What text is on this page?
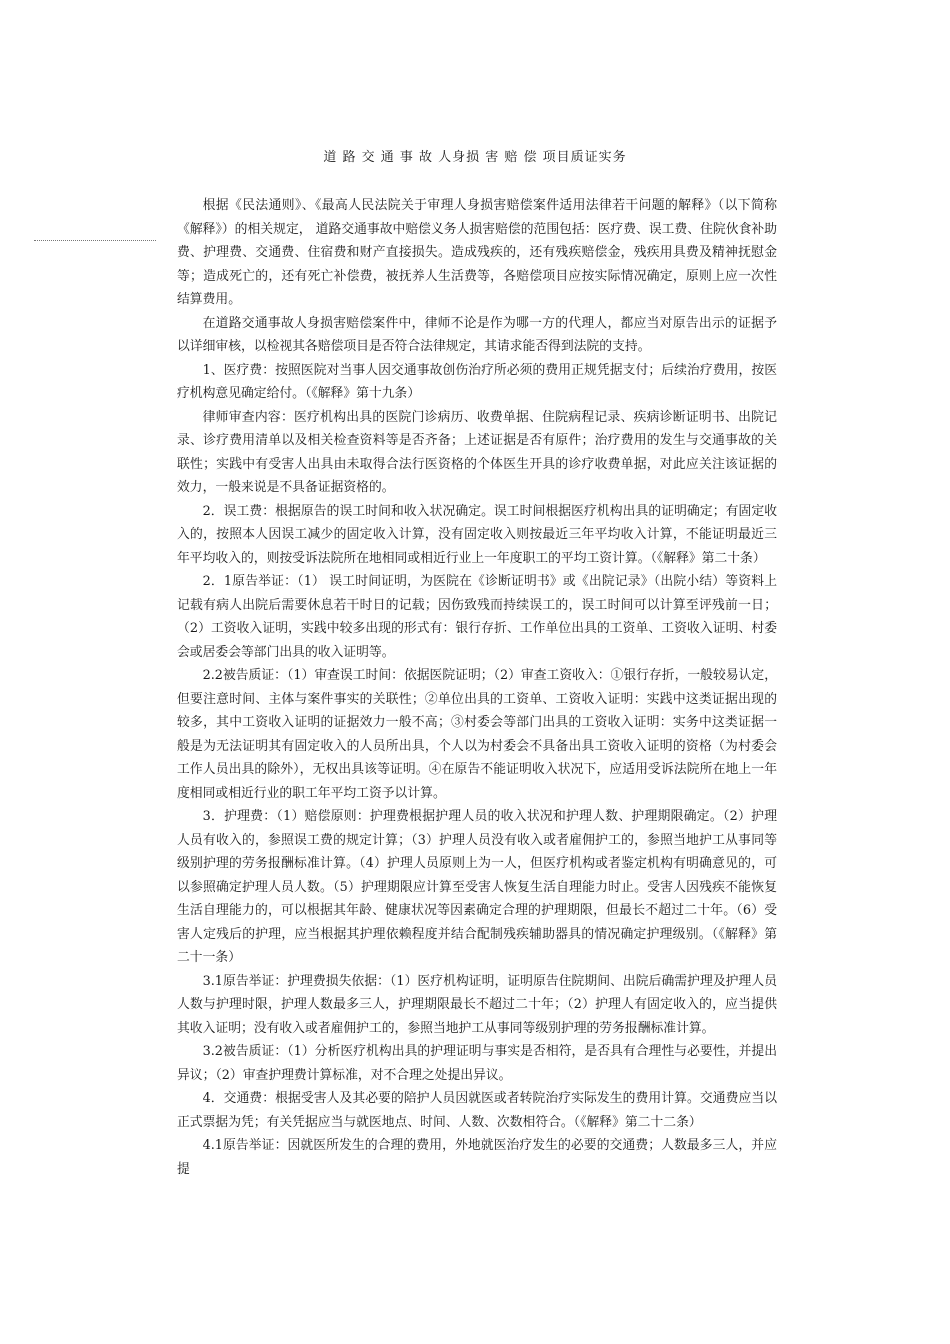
道 路 交 通 事 故 人身损 害 赔 偿 项目质证实务

根据《民法通则》、《最高人民法院关于审理人身损害赔偿案件适用法律若干问题的解释》（以下简称《解释》）的相关规定， 道路交通事故中赔偿义务人损害赔偿的范围包括：医疗费、误工费、住院伙食补助费、护理费、交通费、住宿费和财产直接损失。造成残疾的，还有残疾赔偿金，残疾用具费及精神抚慰金等；造成死亡的，还有死亡补偿费，被抚养人生活费等，各赔偿项目应按实际情况确定，原则上应一次性结算费用。

在道路交通事故人身损害赔偿案件中，律师不论是作为哪一方的代理人，都应当对原告出示的证据予以详细审核，以检视其各赔偿项目是否符合法律规定，其请求能否得到法院的支持。

1、医疗费：按照医院对当事人因交通事故创伤治疗所必须的费用正规凭据支付；后续治疗费用，按医疗机构意见确定给付。（《解释》第十九条）

律师审查内容：医疗机构出具的医院门诊病历、收费单据、住院病程记录、疾病诊断证明书、出院记录、诊疗费用清单以及相关检查资料等是否齐备；上述证据是否有原件；治疗费用的发生与交通事故的关联性；实践中有受害人出具由未取得合法行医资格的个体医生开具的诊疗收费单据，对此应关注该证据的效力，一般来说是不具备证据资格的。

2．误工费：根据原告的误工时间和收入状况确定。误工时间根据医疗机构出具的证明确定；有固定收入的，按照本人因误工减少的固定收入计算，没有固定收入则按最近三年平均收入计算，不能证明最近三年平均收入的，则按受诉法院所在地相同或相近行业上一年度职工的平均工资计算。（《解释》第二十条）

2．1原告举证：（1） 误工时间证明，为医院在《诊断证明书》或《出院记录》（出院小结）等资料上记载有病人出院后需要休息若干时日的记载；因伤致残而持续误工的，误工时间可以计算至评残前一日；（2）工资收入证明，实践中较多出现的形式有：银行存折、工作单位出具的工资单、工资收入证明、村委会或居委会等部门出具的收入证明等。

2.2被告质证：（1）审查误工时间：依据医院证明；（2）审查工资收入：①银行存折，一般较易认定，但要注意时间、主体与案件事实的关联性；②单位出具的工资单、工资收入证明：实践中这类证据出现的较多，其中工资收入证明的证据效力一般不高；③村委会等部门出具的工资收入证明：实务中这类证据一般是为无法证明其有固定收入的人员所出具，个人以为村委会不具备出具工资收入证明的资格（为村委会工作人员出具的除外），无权出具该等证明。④在原告不能证明收入状况下，应适用受诉法院所在地上一年度相同或相近行业的职工年平均工资予以计算。

3．护理费：（1）赔偿原则：护理费根据护理人员的收入状况和护理人数、护理期限确定。（2）护理人员有收入的，参照误工费的规定计算；（3）护理人员没有收入或者雇佣护工的，参照当地护工从事同等级别护理的劳务报酬标准计算。（4）护理人员原则上为一人，但医疗机构或者鉴定机构有明确意见的，可以参照确定护理人员人数。（5）护理期限应计算至受害人恢复生活自理能力时止。受害人因残疾不能恢复生活自理能力的，可以根据其年龄、健康状况等因素确定合理的护理期限，但最长不超过二十年。（6）受害人定残后的护理，应当根据其护理依赖程度并结合配制残疾辅助器具的情况确定护理级别。（《解释》第二十一条）

3.1原告举证：护理费损失依据：（1）医疗机构证明，证明原告住院期间、出院后确需护理及护理人员人数与护理时限，护理人数最多三人，护理期限最长不超过二十年；（2）护理人有固定收入的，应当提供其收入证明；没有收入或者雇佣护工的，参照当地护工从事同等级别护理的劳务报酬标准计算。

3.2被告质证：（1）分析医疗机构出具的护理证明与事实是否相符，是否具有合理性与必要性，并提出异议；（2）审查护理费计算标准，对不合理之处提出异议。

4．交通费：根据受害人及其必要的陪护人员因就医或者转院治疗实际发生的费用计算。交通费应当以正式票据为凭；有关凭据应当与就医地点、时间、人数、次数相符合。（《解释》第二十二条）

4.1原告举证：因就医所发生的合理的费用，外地就医治疗发生的必要的交通费；人数最多三人，并应提
